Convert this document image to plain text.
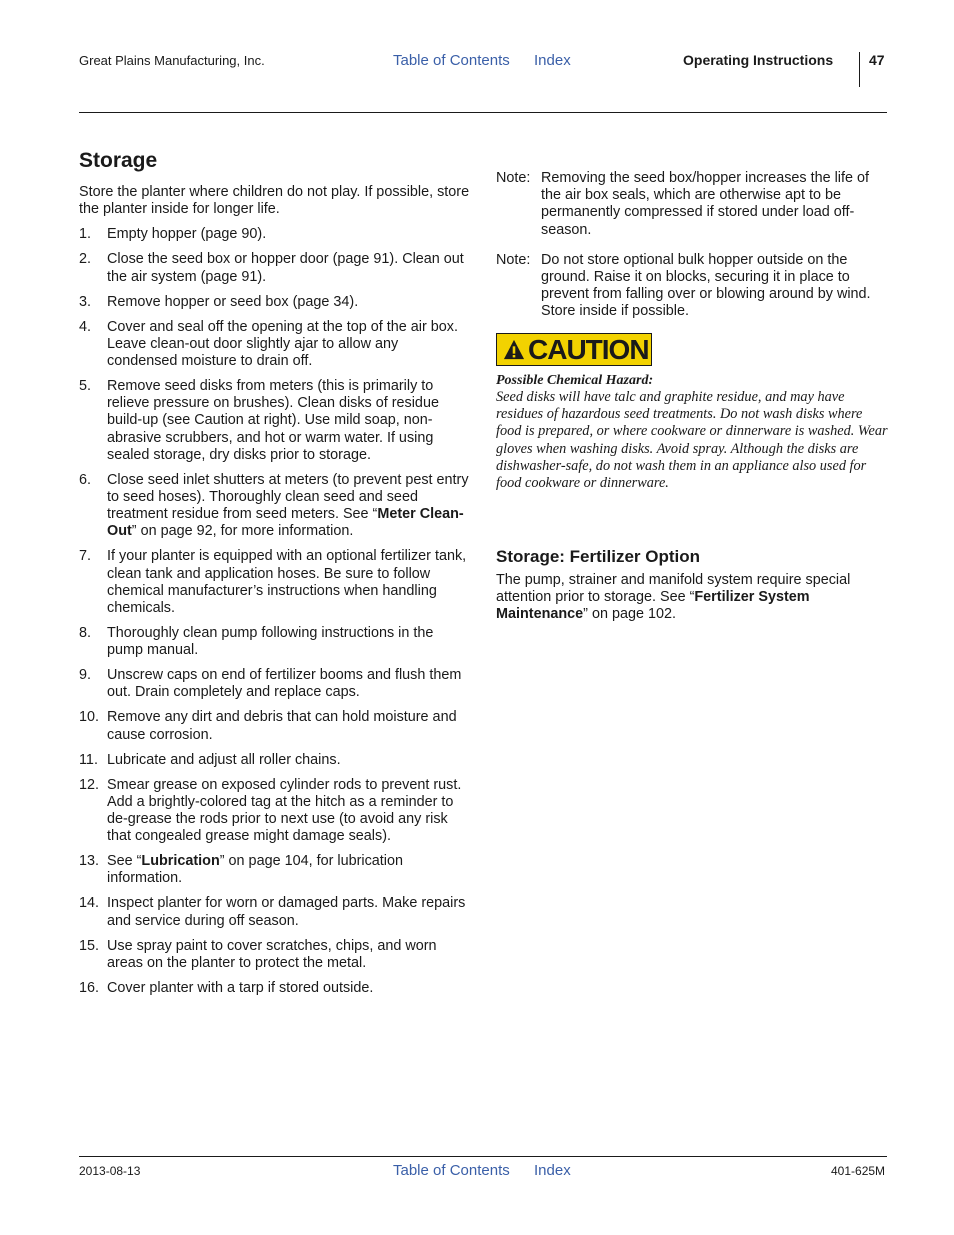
Great Plains Manufacturing, Inc.	Table of Contents Index	Operating Instructions	47
Storage

Store the planter where children do not play. If possible, store the planter inside for longer life.

1.	Empty hopper (page 90).
2.	Close the seed box or hopper door (page 91). Clean out the air system (page 91).
3.	Remove hopper or seed box (page 34).
4.	Cover and seal off the opening at the top of the air box. Leave clean-out door slightly ajar to allow any condensed moisture to drain off.
5.	Remove seed disks from meters (this is primarily to relieve pressure on brushes). Clean disks of residue build-up (see Caution at right). Use mild soap, non-abrasive scrubbers, and hot or warm water. If using sealed storage, dry disks prior to storage.
6.	Close seed inlet shutters at meters (to prevent pest entry to seed hoses). Thoroughly clean seed and seed treatment residue from seed meters. See “Meter Clean-Out” on page 92, for more information.
7.	If your planter is equipped with an optional fertilizer tank, clean tank and application hoses. Be sure to follow chemical manufacturer’s instructions when handling chemicals.
8.	Thoroughly clean pump following instructions in the pump manual.
9.	Unscrew caps on end of fertilizer booms and flush them out. Drain completely and replace caps.
10. Remove any dirt and debris that can hold moisture and cause corrosion.
11. Lubricate and adjust all roller chains.
12. Smear grease on exposed cylinder rods to prevent rust. Add a brightly-colored tag at the hitch as a reminder to de-grease the rods prior to next use (to avoid any risk that congealed grease might damage seals).
13. See “Lubrication” on page 104, for lubrication information.
14. Inspect planter for worn or damaged parts. Make repairs and service during off season.
15. Use spray paint to cover scratches, chips, and worn areas on the planter to protect the metal.
16. Cover planter with a tarp if stored outside.
Note: Removing the seed box/hopper increases the life of the air box seals, which are otherwise apt to be permanently compressed if stored under load off-season.
Note: Do not store optional bulk hopper outside on the ground. Raise it on blocks, securing it in place to prevent from falling over or blowing around by wind. Store inside if possible.
CAUTION

Possible Chemical Hazard:

Seed disks will have talc and graphite residue, and may have residues of hazardous seed treatments. Do not wash disks where food is prepared, or where cookware or dinnerware is washed. Wear gloves when washing disks. Avoid spray. Although the disks are dishwasher-safe, do not wash them in an appliance also used for food cookware or dinnerware.

Storage: Fertilizer Option

The pump, strainer and manifold system require special attention prior to storage. See “Fertilizer System Maintenance” on page 102.

2013-08-13	Table of Contents Index	401-625M
